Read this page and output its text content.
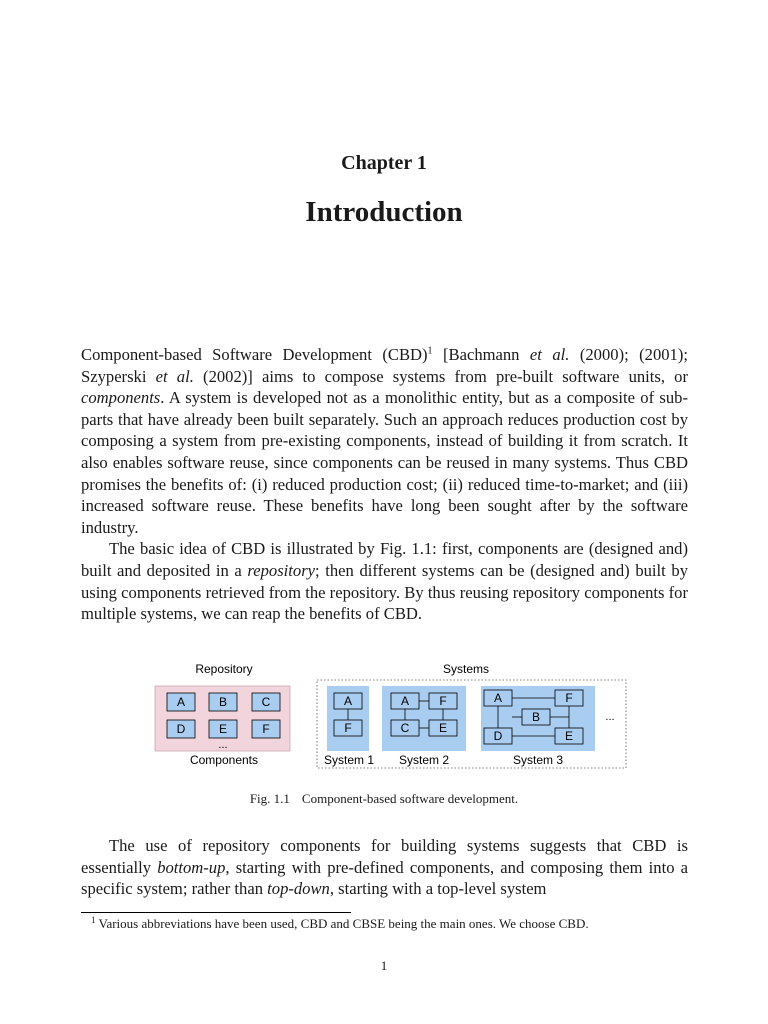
Chapter 1
Introduction

Component-based Software Development (CBD)$^1$ [Bachmann et al. (2000); (2001); Szyperski et al. (2002)] aims to compose systems from pre-built software units, or components. A system is developed not as a monolithic entity, but as a composite of sub-parts that have already been built separately. Such an approach reduces production cost by composing a system from pre-existing components, instead of building it from scratch. It also enables software reuse, since components can be reused in many systems. Thus CBD promises the benefits of: (i) reduced production cost; (ii) reduced time-to-market; and (iii) increased software reuse. These benefits have long been sought after by the software industry.

The basic idea of CBD is illustrated by Fig. 1.1: first, components are (designed and) built and deposited in a repository; then different systems can be (designed and) built by using components retrieved from the repository. By thus reusing repository components for multiple systems, we can reap the benefits of CBD.

Repository	Systems
A	B	C
D	E	F
...
Components
A
F
System 1
A	F
C E
System 2
A	F
B
D	E
System 3
...
Fig. 1.1 Component-based software development.

The use of repository components for building systems suggests that CBD is essentially bottom-up, starting with pre-defined components, and composing them into a specific system; rather than top-down, starting with a top-level system

$^1$ Various abbreviations have been used, CBD and CBSE being the main ones. We choose CBD.
1
